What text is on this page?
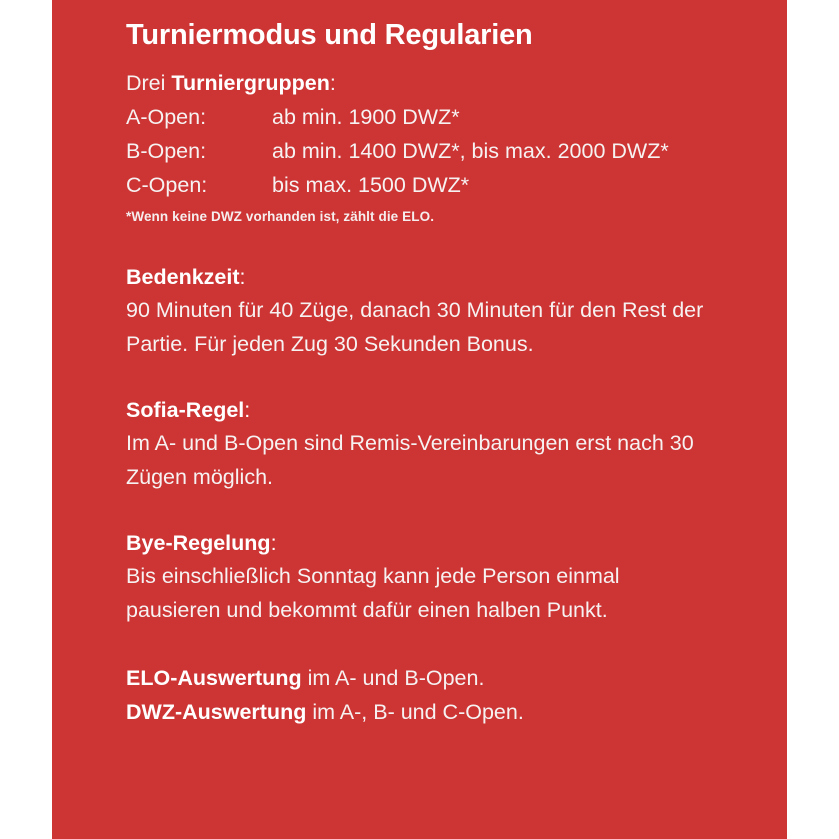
Turniermodus und Regularien

Drei Turniergruppen:

A-Open:	ab min. 1900 DWZ*
B-Open:	ab min. 1400 DWZ*, bis max. 2000 DWZ*
C-Open:	bis max. 1500 DWZ*

*Wenn keine DWZ vorhanden ist, zählt die ELO.

Bedenkzeit:

90 Minuten für 40 Züge, danach 30 Minuten für den Rest der Partie. Für jeden Zug 30 Sekunden Bonus.

Sofia-Regel:

Im A- und B-Open sind Remis-Vereinbarungen erst nach 30 Zügen möglich.

Bye-Regelung:

Bis einschließlich Sonntag kann jede Person einmal pausieren und bekommt dafür einen halben Punkt.

ELO-Auswertung im A- und B-Open.

DWZ-Auswertung im A-, B- und C-Open.
